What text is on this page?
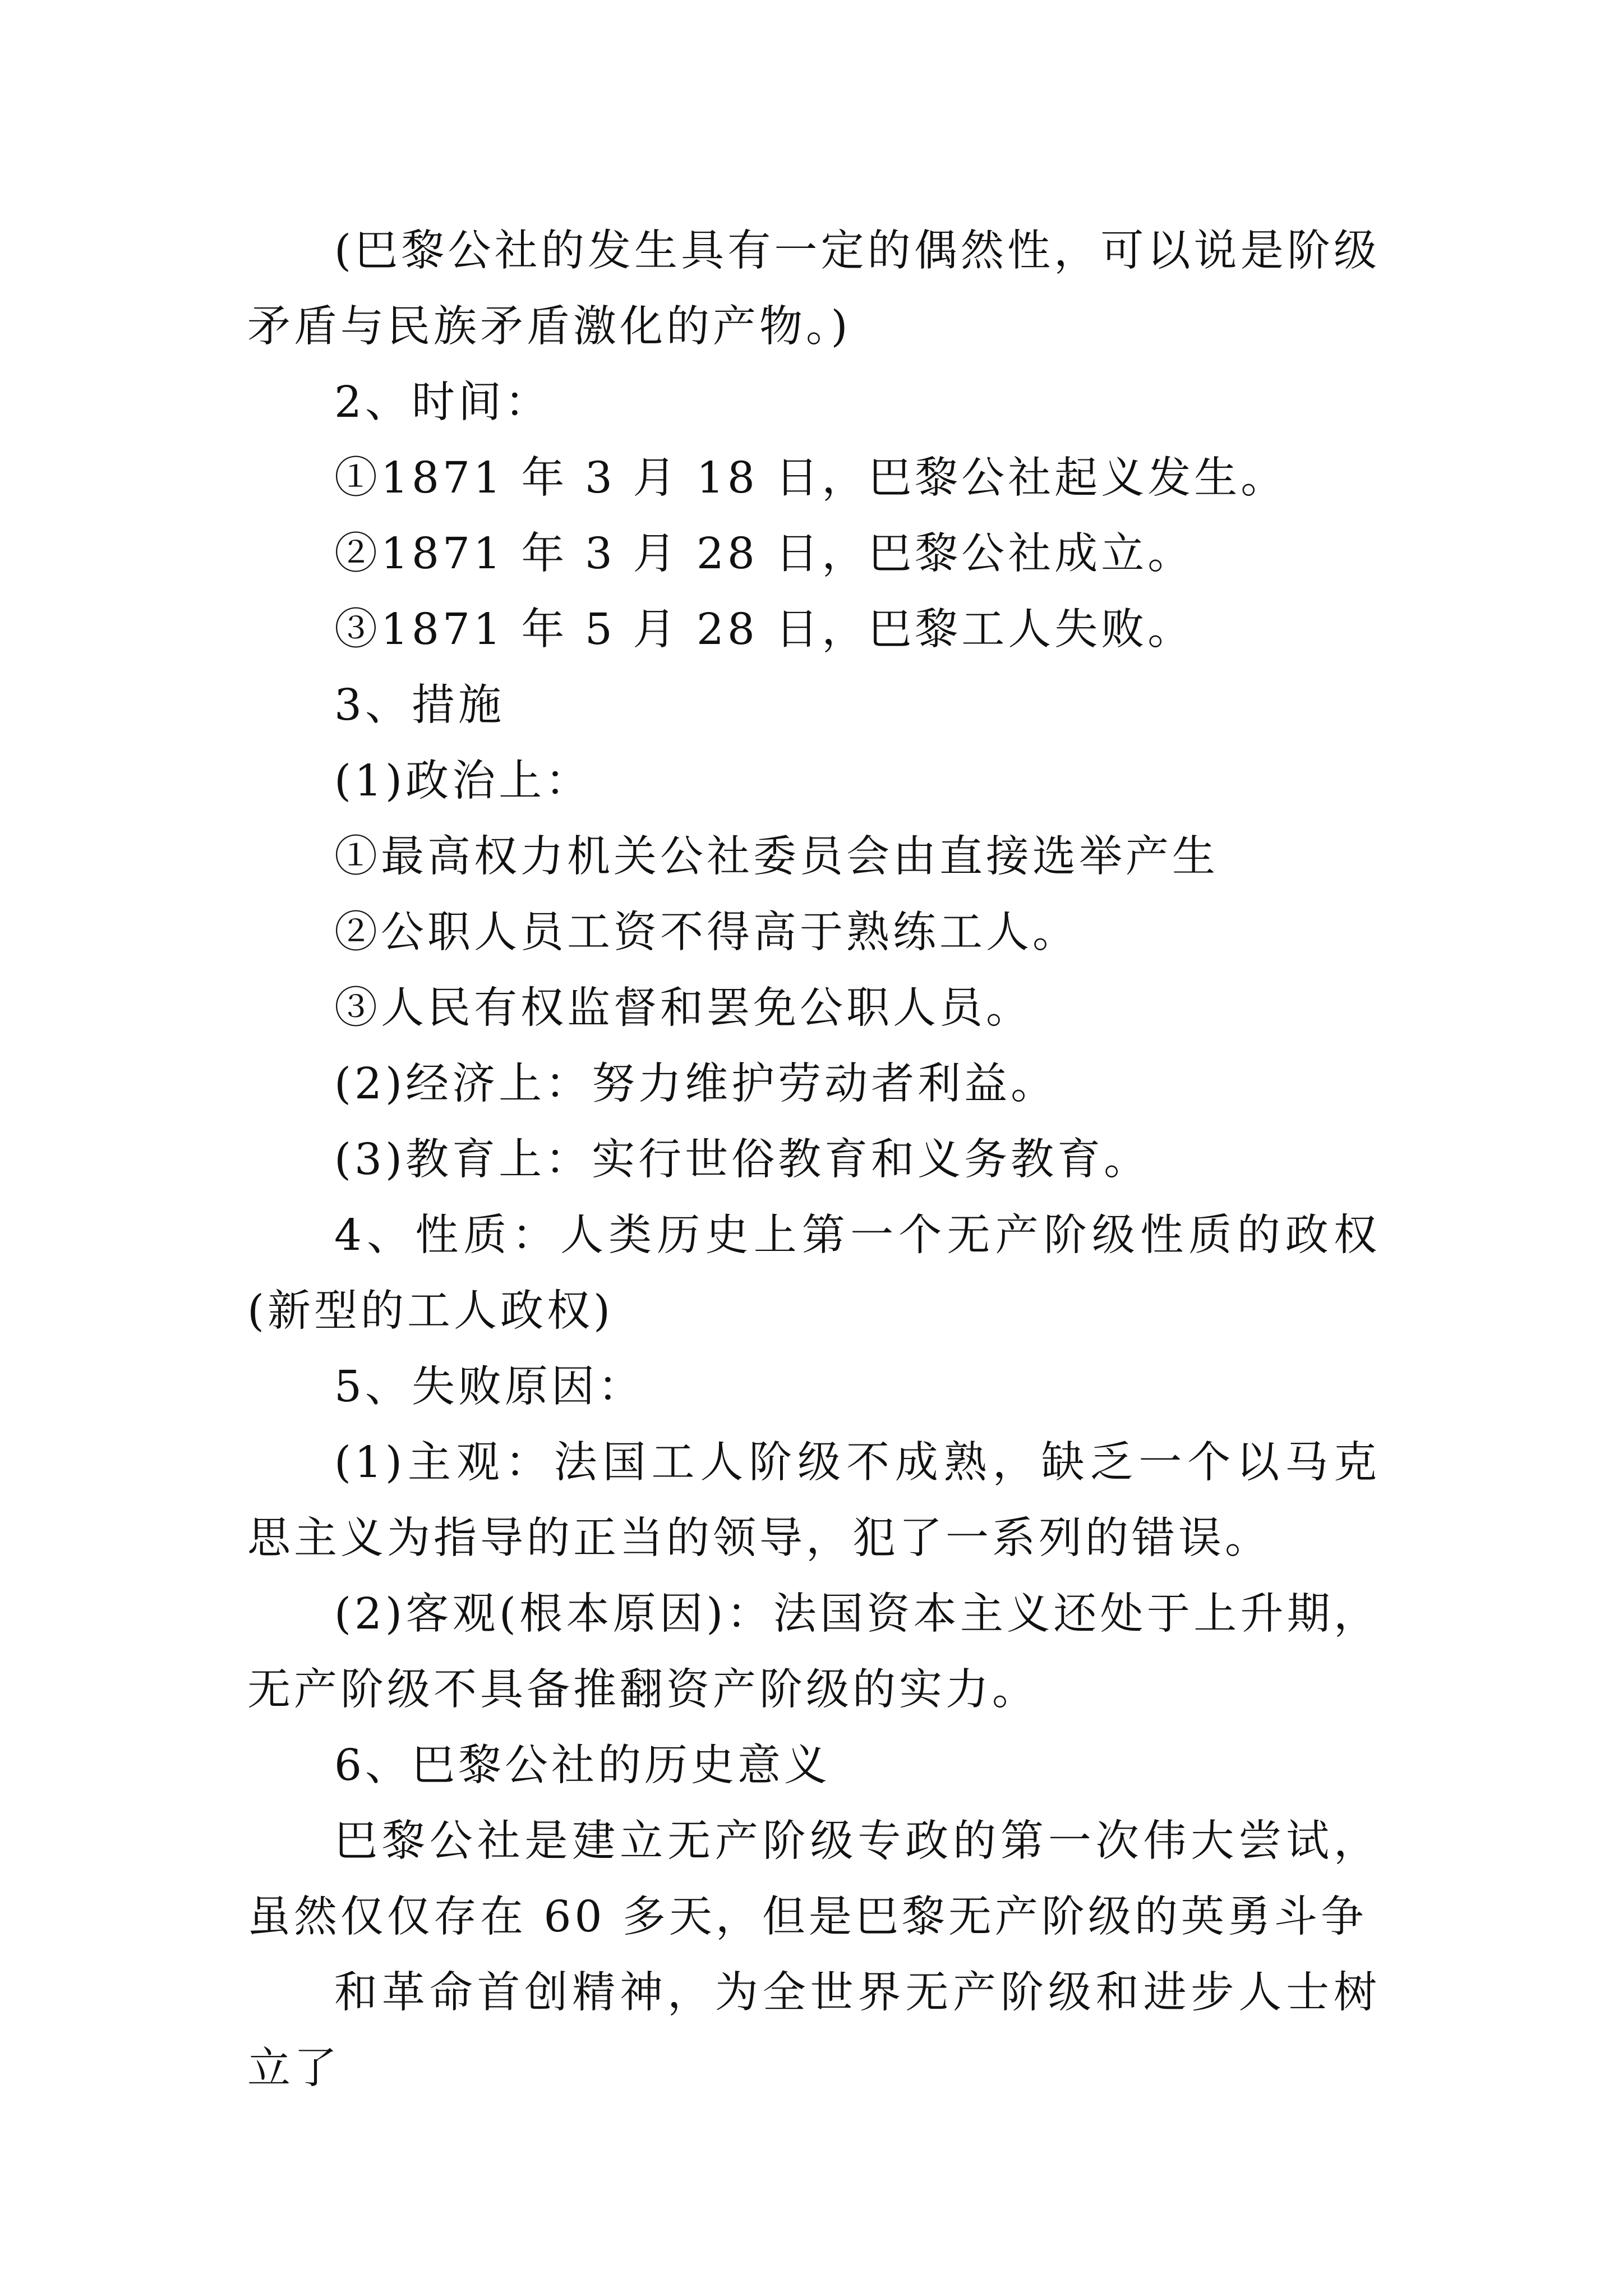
(巴黎公社的发生具有一定的偶然性，可以说是阶级矛盾与民族矛盾激化的产物。)

2、时间：

①1871 年 3 月 18 日，巴黎公社起义发生。

②1871 年 3 月 28 日，巴黎公社成立。

③1871 年 5 月 28 日，巴黎工人失败。

3、措施

(1)政治上：

①最高权力机关公社委员会由直接选举产生

②公职人员工资不得高于熟练工人。

③人民有权监督和罢免公职人员。

(2)经济上：努力维护劳动者利益。

(3)教育上：实行世俗教育和义务教育。

4、性质：人类历史上第一个无产阶级性质的政权(新型的工人政权)

5、失败原因：

(1)主观：法国工人阶级不成熟，缺乏一个以马克思主义为指导的正当的领导，犯了一系列的错误。

(2)客观(根本原因)：法国资本主义还处于上升期，无产阶级不具备推翻资产阶级的实力。

6、巴黎公社的历史意义

巴黎公社是建立无产阶级专政的第一次伟大尝试，虽然仅仅存在 60 多天，但是巴黎无产阶级的英勇斗争

和革命首创精神，为全世界无产阶级和进步人士树立了
